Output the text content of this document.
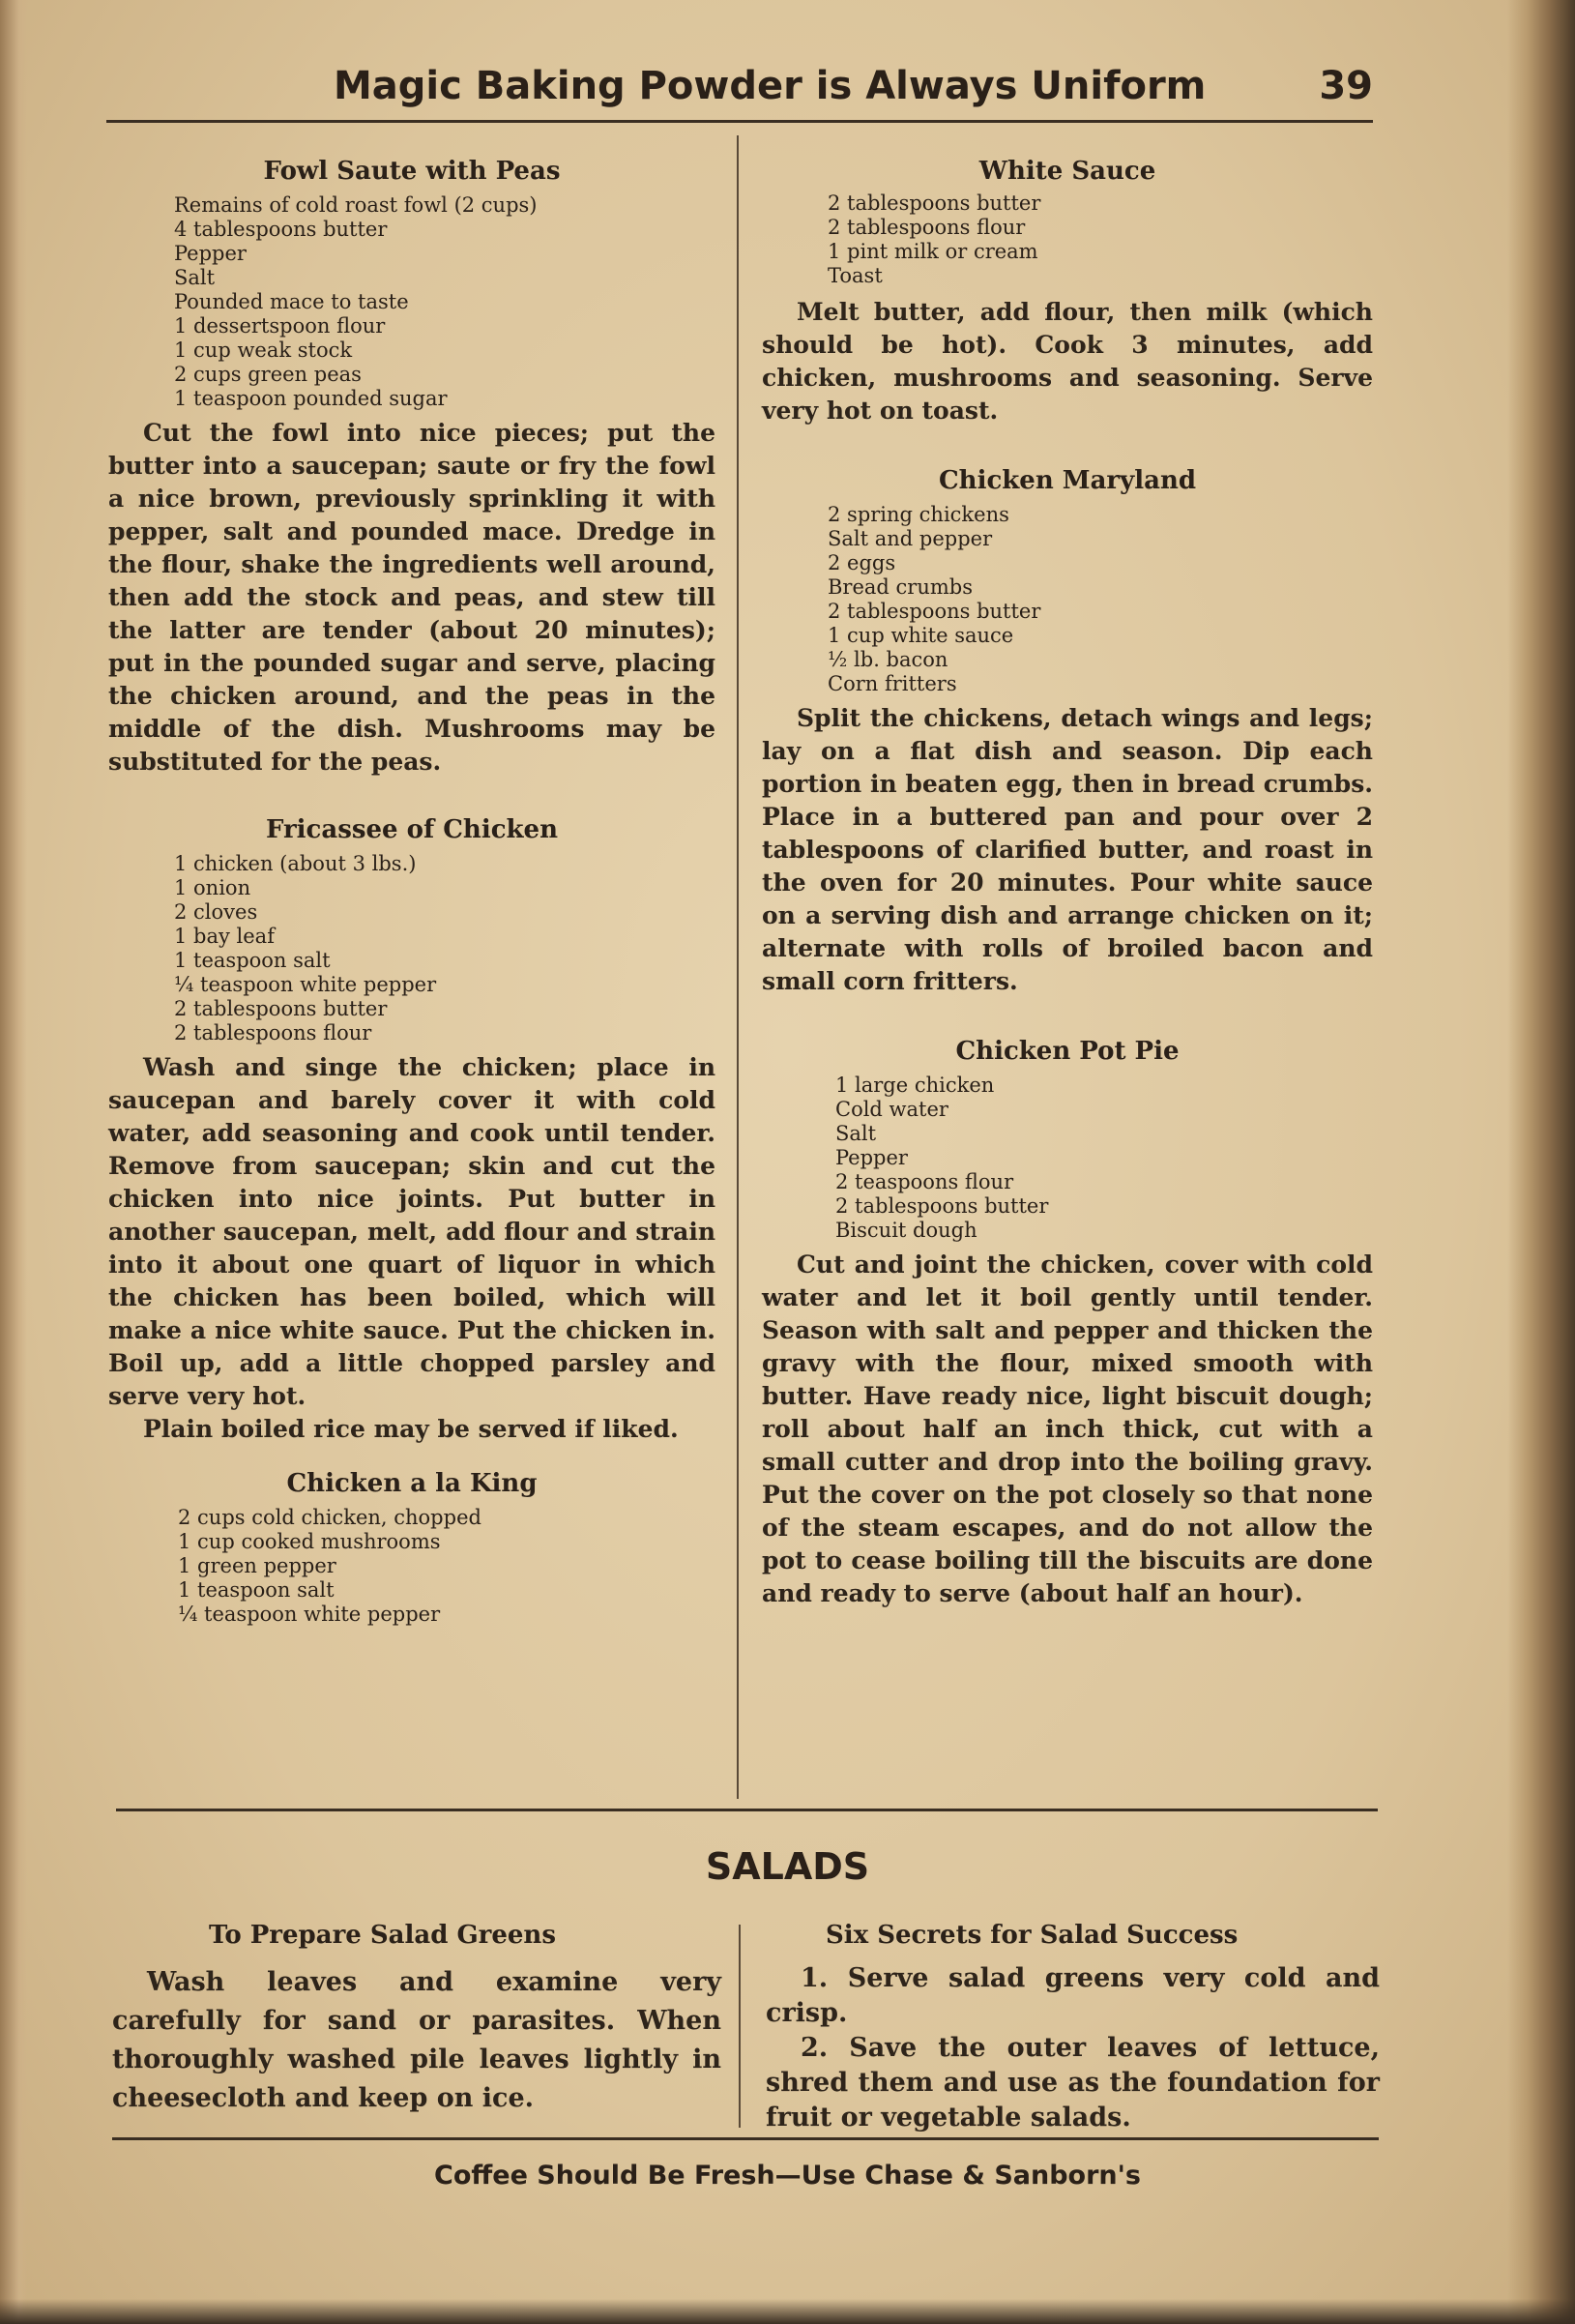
Magic Baking Powder is Always Uniform	39
Fowl Saute with Peas
Remains of cold roast fowl (2 cups)
4 tablespoons butter
Pepper
Salt
Pounded mace to taste
1 dessertspoon flour
1 cup weak stock
2 cups green peas
1 teaspoon pounded sugar

Cut the fowl into nice pieces; put the butter into a saucepan; saute or fry the fowl a nice brown, previously sprinkling it with pepper, salt and pounded mace. Dredge in the flour, shake the ingredients well around, then add the stock and peas, and stew till the latter are tender (about 20 minutes); put in the pounded sugar and serve, placing the chicken around, and the peas in the middle of the dish. Mushrooms may be substituted for the peas.

Fricassee of Chicken
1 chicken (about 3 lbs.)
1 onion
2 cloves
1 bay leaf
1 teaspoon salt
¼ teaspoon white pepper
2 tablespoons butter
2 tablespoons flour

Wash and singe the chicken; place in saucepan and barely cover it with cold water, add seasoning and cook until tender. Remove from saucepan; skin and cut the chicken into nice joints. Put butter in another saucepan, melt, add flour and strain into it about one quart of liquor in which the chicken has been boiled, which will make a nice white sauce. Put the chicken in. Boil up, add a little chopped parsley and serve very hot.

Plain boiled rice may be served if liked.

Chicken a la King
2 cups cold chicken, chopped
1 cup cooked mushrooms
1 green pepper
1 teaspoon salt
¼ teaspoon white pepper
White Sauce
2 tablespoons butter
2 tablespoons flour
1 pint milk or cream
Toast

Melt butter, add flour, then milk (which should be hot). Cook 3 minutes, add chicken, mushrooms and seasoning. Serve very hot on toast.

Chicken Maryland
2 spring chickens
Salt and pepper
2 eggs
Bread crumbs
2 tablespoons butter
1 cup white sauce
½ lb. bacon
Corn fritters

Split the chickens, detach wings and legs; lay on a flat dish and season. Dip each portion in beaten egg, then in bread crumbs. Place in a buttered pan and pour over 2 tablespoons of clarified butter, and roast in the oven for 20 minutes. Pour white sauce on a serving dish and arrange chicken on it; alternate with rolls of broiled bacon and small corn fritters.

Chicken Pot Pie
1 large chicken
Cold water
Salt
Pepper
2 teaspoons flour
2 tablespoons butter
Biscuit dough

Cut and joint the chicken, cover with cold water and let it boil gently until tender. Season with salt and pepper and thicken the gravy with the flour, mixed smooth with butter. Have ready nice, light biscuit dough; roll about half an inch thick, cut with a small cutter and drop into the boiling gravy. Put the cover on the pot closely so that none of the steam escapes, and do not allow the pot to cease boiling till the biscuits are done and ready to serve (about half an hour).

SALADS
To Prepare Salad Greens

Wash leaves and examine very carefully for sand or parasites. When thoroughly washed pile leaves lightly in cheesecloth and keep on ice.

Six Secrets for Salad Success

1. Serve salad greens very cold and crisp.

2. Save the outer leaves of lettuce, shred them and use as the foundation for fruit or vegetable salads.

Coffee Should Be Fresh—Use Chase & Sanborn's
